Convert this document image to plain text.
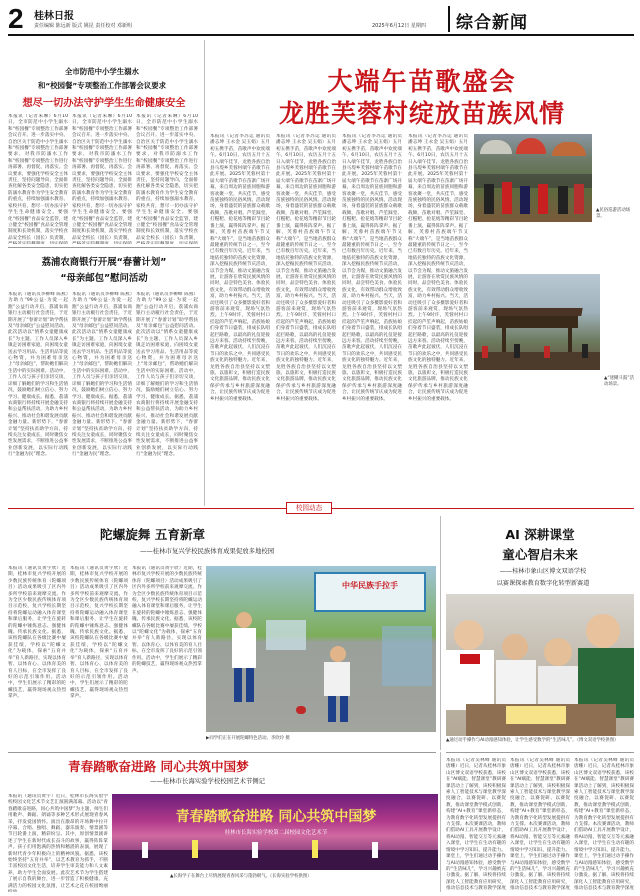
2	桂林日报
责任编辑 陈远新 版式 姚昆 责任校对 邓新明	2025年6月12日 星期四 综合新闻
全市防范中小学生溺水
和“校园餐”专项整治工作部署会议要求
想尽一切办法守护学生生命健康安全
本报讯（记者朱琳）6月10日，全市防范中小学生溺水和“校园餐”专项整治工作部署会议召开。进一步落实中央、自治区关于防范中小学生溺水和“校园餐”专项整治工作部署要求，对我市防溺水工作和“校园餐”专项整治工作进行再部署、再督促、再落实。会议要求，要强化学校安全主体责任，坚持问题导向，全面排查化解各类安全隐患，切实把防溺水教育作为学生安全教育的重点，持续加强溺水教育、家校共育，想尽一切办法守护学生生命健康安全。要强化“校园餐”食品安全监管，建立健全“校园餐”食品安全管理制度和长效机制，落实学校食品安全校长（园长）负责制，
本报讯（记者朱琳）6月10日，全市防范中小学生溺水和“校园餐”专项整治工作部署会议召开。进一步落实中央、自治区关于防范中小学生溺水和“校园餐”专项整治工作部署要求，对我市防溺水工作和“校园餐”专项整治工作进行再部署、再督促、再落实。会议要求，要强化学校安全主体责任，坚持问题导向，全面排查化解各类安全隐患，切实把防溺水教育作为学生安全教育的重点，持续加强溺水教育、家校共育，想尽一切办法守护学生生命健康安全。要强化“校园餐”食品安全监管，建立健全“校园餐”食品安全管理制度和长效机制，落实学校食品安全校长（园长）负责制，
本报讯（记者朱琳）6月10日，全市防范中小学生溺水和“校园餐”专项整治工作部署会议召开。进一步落实中央、自治区关于防范中小学生溺水和“校园餐”专项整治工作部署要求，对我市防溺水工作和“校园餐”专项整治工作进行再部署、再督促、再落实。会议要求，要强化学校安全主体责任，坚持问题导向，全面排查化解各类安全隐患，切实把防溺水教育作为学生安全教育的重点，持续加强溺水教育、家校共育，想尽一切办法守护学生生命健康安全。要强化“校园餐”食品安全监管，建立健全“校园餐”食品安全管理制度和长效机制，落实学校食品安全校长（园长）负责制，
荔浦农商银行开展“春蕾计划”
“母亲邮包”慰问活动
本报讯（通讯员李柳峰 陈燕）为助力“99公益·为爱一起跑”公益行动开启，荔浦农商银行主动履行社会责任，于近期开展了“春蕾计划”助学帮扶及“母亲邮包”公益慰问活动。此次活动以“情系女童健康成长”为主题，工作人员深入乡镇走访困难家庭，向困境女童送去学习用品、生活用品等爱心物资，并为困难母亲送上“母亲邮包”，帮助她们解决生活中的实际困难。活动中，工作人员与孩子们亲切交谈，详细了解她们的学习和生活情况，鼓励她们树立信心、努力学习、健康成长。据悉，荔浦农商银行将持续开展金融支持和公益帮扶活动，为助力乡村振兴、推动社会和谐发展贡献金融力量。新形势下，“春蕾计划”坚持扶贫助学方向，持续关注女童成长，同时聚焦女性发展需求，不断推进公益事业创新发展，以实际行动践行“金融为民”理念。
本报讯（通讯员李柳峰 陈燕）为助力“99公益·为爱一起跑”公益行动开启，荔浦农商银行主动履行社会责任，于近期开展了“春蕾计划”助学帮扶及“母亲邮包”公益慰问活动。此次活动以“情系女童健康成长”为主题，工作人员深入乡镇走访困难家庭，向困境女童送去学习用品、生活用品等爱心物资，并为困难母亲送上“母亲邮包”，帮助她们解决生活中的实际困难。活动中，工作人员与孩子们亲切交谈，详细了解她们的学习和生活情况，鼓励她们树立信心、努力学习、健康成长。据悉，荔浦农商银行将持续开展金融支持和公益帮扶活动，为助力乡村振兴、推动社会和谐发展贡献金融力量。新形势下，“春蕾计划”坚持扶贫助学方向，持续关注女童成长，同时聚焦女性发展需求，不断推进公益事业创新发展，以实际行动践行“金融为民”理念。
本报讯（通讯员李柳峰 陈燕）为助力“99公益·为爱一起跑”公益行动开启，荔浦农商银行主动履行社会责任，于近期开展了“春蕾计划”助学帮扶及“母亲邮包”公益慰问活动。此次活动以“情系女童健康成长”为主题，工作人员深入乡镇走访困难家庭，向困境女童送去学习用品、生活用品等爱心物资，并为困难母亲送上“母亲邮包”，帮助她们解决生活中的实际困难。活动中，工作人员与孩子们亲切交谈，详细了解她们的学习和生活情况，鼓励她们树立信心、努力学习、健康成长。据悉，荔浦农商银行将持续开展金融支持和公益帮扶活动，为助力乡村振兴、推动社会和谐发展贡献金融力量。新形势下，“春蕾计划”坚持扶贫助学方向，持续关注女童成长，同时聚焦女性发展需求，不断推进公益事业创新发展，以实际行动践行“金融为民”理念。
大端午苗歌盛会
龙胜芙蓉村绽放苗族风情
本报讯（记者李苏运 通讯员潘志坤 王永金 吴玉娟）五月初五携手苗，苗歌声中欢度端午。6月10日，农历五月十五日入端午佳节，龙胜各族自治县马堤乡芙蓉村端午苗歌节在此开展。2025年芙蓉村第十届大端午苗歌节在苗寨广场开幕，来自周边的苗族同胞和游客欢聚一堂，共庆佳节，感受苗族独特的民俗风情。活动现场，身着盛装的苗族群众载歌载舞，苗歌对唱、芦笙踩堂、打糍粑、抢花炮等精彩节目轮番上演，赢得阵阵掌声。据了解，芙蓉村苗族端午节又称“大端午”，是当地苗族群众最隆重的传统节日之一，至今已有数百年历史。近年来，当地依托独特的苗族文化资源，深入挖掘民族传统节庆活动，以节会为媒，推动文旅融合发展，让游客在欣赏民族风情的同时，品尝特色美食、体验民族文化，有效带动群众增收致富，助力乡村振兴。当天，活动还吸引了众多摄影爱好者和游客前来观赏，现场气氛热烈。上午9时许，芙蓉村村口挂起的芦笙声响起，苗族姑娘们身着节日盛装，排成长队唱起拦路歌，以最高的礼仪迎接远方来客。活动持续至傍晚，苗歌声此起彼伏，人们沉浸在节日的欢乐之中，共同感受民族文化的独特魅力。近年来，龙胜各族自治县坚持以文塑旅、以旅彰文，积极打造民族文化旅游品牌，推动民族文化保护传承与乡村旅游深度融合，让民族传统节庆成为促进乡村振兴的重要载体。
本报讯（记者李苏运 通讯员潘志坤 王永金 吴玉娟）五月初五携手苗，苗歌声中欢度端午。6月10日，农历五月十五日入端午佳节，龙胜各族自治县马堤乡芙蓉村端午苗歌节在此开展。2025年芙蓉村第十届大端午苗歌节在苗寨广场开幕，来自周边的苗族同胞和游客欢聚一堂，共庆佳节，感受苗族独特的民俗风情。活动现场，身着盛装的苗族群众载歌载舞，苗歌对唱、芦笙踩堂、打糍粑、抢花炮等精彩节目轮番上演，赢得阵阵掌声。据了解，芙蓉村苗族端午节又称“大端午”，是当地苗族群众最隆重的传统节日之一，至今已有数百年历史。近年来，当地依托独特的苗族文化资源，深入挖掘民族传统节庆活动，以节会为媒，推动文旅融合发展，让游客在欣赏民族风情的同时，品尝特色美食、体验民族文化，有效带动群众增收致富，助力乡村振兴。当天，活动还吸引了众多摄影爱好者和游客前来观赏，现场气氛热烈。上午9时许，芙蓉村村口挂起的芦笙声响起，苗族姑娘们身着节日盛装，排成长队唱起拦路歌，以最高的礼仪迎接远方来客。活动持续至傍晚，苗歌声此起彼伏，人们沉浸在节日的欢乐之中，共同感受民族文化的独特魅力。近年来，龙胜各族自治县坚持以文塑旅、以旅彰文，积极打造民族文化旅游品牌，推动民族文化保护传承与乡村旅游深度融合，让民族传统节庆成为促进乡村振兴的重要载体。
本报讯（记者李苏运 通讯员潘志坤 王永金 吴玉娟）五月初五携手苗，苗歌声中欢度端午。6月10日，农历五月十五日入端午佳节，龙胜各族自治县马堤乡芙蓉村端午苗歌节在此开展。2025年芙蓉村第十届大端午苗歌节在苗寨广场开幕，来自周边的苗族同胞和游客欢聚一堂，共庆佳节，感受苗族独特的民俗风情。活动现场，身着盛装的苗族群众载歌载舞，苗歌对唱、芦笙踩堂、打糍粑、抢花炮等精彩节目轮番上演，赢得阵阵掌声。据了解，芙蓉村苗族端午节又称“大端午”，是当地苗族群众最隆重的传统节日之一，至今已有数百年历史。近年来，当地依托独特的苗族文化资源，深入挖掘民族传统节庆活动，以节会为媒，推动文旅融合发展，让游客在欣赏民族风情的同时，品尝特色美食、体验民族文化，有效带动群众增收致富，助力乡村振兴。当天，活动还吸引了众多摄影爱好者和游客前来观赏，现场气氛热烈。上午9时许，芙蓉村村口挂起的芦笙声响起，苗族姑娘们身着节日盛装，排成长队唱起拦路歌，以最高的礼仪迎接远方来客。活动持续至傍晚，苗歌声此起彼伏，人们沉浸在节日的欢乐之中，共同感受民族文化的独特魅力。近年来，龙胜各族自治县坚持以文塑旅、以旅彰文，积极打造民族文化旅游品牌，推动民族文化保护传承与乡村旅游深度融合，让民族传统节庆成为促进乡村振兴的重要载体。
本报讯（记者李苏运 通讯员潘志坤 王永金 吴玉娟）五月初五携手苗，苗歌声中欢度端午。6月10日，农历五月十五日入端午佳节，龙胜各族自治县马堤乡芙蓉村端午苗歌节在此开展。2025年芙蓉村第十届大端午苗歌节在苗寨广场开幕，来自周边的苗族同胞和游客欢聚一堂，共庆佳节，感受苗族独特的民俗风情。活动现场，身着盛装的苗族群众载歌载舞，苗歌对唱、芦笙踩堂、打糍粑、抢花炮等精彩节目轮番上演，赢得阵阵掌声。据了解，芙蓉村苗族端午节又称“大端午”，是当地苗族群众最隆重的传统节日之一，至今已有数百年历史。近年来，当地依托独特的苗族文化资源，深入挖掘民族传统节庆活动，以节会为媒，推动文旅融合发展，让游客在欣赏民族风情的同时，品尝特色美食、体验民族文化，有效带动群众增收致富，助力乡村振兴。当天，活动还吸引了众多摄影爱好者和游客前来观赏，现场气氛热烈。上午9时许，芙蓉村村口挂起的芦笙声响起，苗族姑娘们身着节日盛装，排成长队唱起拦路歌，以最高的礼仪迎接远方来客。活动持续至傍晚，苗歌声此起彼伏，人们沉浸在节日的欢乐之中，共同感受民族文化的独特魅力。近年来，龙胜各族自治县坚持以文塑旅、以旅彰文，积极打造民族文化旅游品牌，推动民族文化保护传承与乡村旅游深度融合，让民族传统节庆成为促进乡村振兴的重要载体。
▲民俗巡游活动场景。
▲“迷糊斗鼓”活动场景。
校园动态
陀螺旋舞 五育新章
——桂林市复兴学校民族体育成果促放多地校园
本报讯（通讯员黄宇欣）近期，桂林市复兴学校开展的少数民族传统体育（陀螺项目）活动成果吸引了区内外多所学校前来观摩交流。作为全区少数民族传统体育项目示范校，复兴学校长期坚持将陀螺运动融入体育课堂和课后服务，让学生在旋转的陀螺中锤炼意志、强健体魄、传承民族文化。据悉，该校陀螺队在各级比赛中屡获佳绩，学校以“陀螺文化”为载体，探索“五育并举”育人新路径，实现以体育智、以体育心、以体育美的育人目标，在全市发挥了良好的示范引领作用。活动中，学生们展示了精彩的陀螺技艺，赢得现场观众热烈掌声。
本报讯（通讯员黄宇欣）近期，桂林市复兴学校开展的少数民族传统体育（陀螺项目）活动成果吸引了区内外多所学校前来观摩交流。作为全区少数民族传统体育项目示范校，复兴学校长期坚持将陀螺运动融入体育课堂和课后服务，让学生在旋转的陀螺中锤炼意志、强健体魄、传承民族文化。据悉，该校陀螺队在各级比赛中屡获佳绩，学校以“陀螺文化”为载体，探索“五育并举”育人新路径，实现以体育智、以体育心、以体育美的育人目标，在全市发挥了良好的示范引领作用。活动中，学生们展示了精彩的陀螺技艺，赢得现场观众热烈掌声。
本报讯（通讯员黄宇欣）近期，桂林市复兴学校开展的少数民族传统体育（陀螺项目）活动成果吸引了区内外多所学校前来观摩交流。作为全区少数民族传统体育项目示范校，复兴学校长期坚持将陀螺运动融入体育课堂和课后服务，让学生在旋转的陀螺中锤炼意志、强健体魄、传承民族文化。据悉，该校陀螺队在各级比赛中屡获佳绩，学校以“陀螺文化”为载体，探索“五育并举”育人新路径，实现以体育智、以体育心、以体育美的育人目标，在全市发挥了良好的示范引领作用。活动中，学生们展示了精彩的陀螺技艺，赢得现场观众热烈掌声。
中华民族手拉手
▶同学们正在开展陀螺特色活动。李欣玲 摄
AI 深耕课堂
童心智启未来
——桂林市象山区博文双语学校
以赛课探索教育数字化转型新赛道
▲通过动手操作与AI动漫感知体验，让学生感受数学的“生活味儿”。（博文双语学校供图）
本报讯（记者吴林峰 通讯员唐姗）近日，记者从桂林市象山区博文双语学校获悉，该校在“AI赋能、智慧课堂”教研赛课活动上了解到，该校积极探索人工智能技术与课堂教学深度融合，以赛促研、以赛促教，推动课堂教学模式创新，构建“AI+教育”课堂新样态，为教育数字化转型发展提供有力支撑。本次赛课活动，教师们借助AI工具开展教学设计，将AI动漫、智能交互等元素融入课堂，让学生在生动有趣的情境中学习知识、提升能力。课堂上，学生们通过动手操作与AI动漫感知体验，感受数学的“生活味儿”，学习兴趣被充分激发。据了解，该校将持续深化人工智能教育应用研究，推动信息技术与教育教学深度
本报讯（记者吴林峰 通讯员唐姗）近日，记者从桂林市象山区博文双语学校获悉，该校在“AI赋能、智慧课堂”教研赛课活动上了解到，该校积极探索人工智能技术与课堂教学深度融合，以赛促研、以赛促教，推动课堂教学模式创新，构建“AI+教育”课堂新样态，为教育数字化转型发展提供有力支撑。本次赛课活动，教师们借助AI工具开展教学设计，将AI动漫、智能交互等元素融入课堂，让学生在生动有趣的情境中学习知识、提升能力。课堂上，学生们通过动手操作与AI动漫感知体验，感受数学的“生活味儿”，学习兴趣被充分激发。据了解，该校将持续深化人工智能教育应用研究，推动信息技术与教育教学深度
本报讯（记者吴林峰 通讯员唐姗）近日，记者从桂林市象山区博文双语学校获悉，该校在“AI赋能、智慧课堂”教研赛课活动上了解到，该校积极探索人工智能技术与课堂教学深度融合，以赛促研、以赛促教，推动课堂教学模式创新，构建“AI+教育”课堂新样态，为教育数字化转型发展提供有力支撑。本次赛课活动，教师们借助AI工具开展教学设计，将AI动漫、智能交互等元素融入课堂，让学生在生动有趣的情境中学习知识、提升能力。课堂上，学生们通过动手操作与AI动漫感知体验，感受数学的“生活味儿”，学习兴趣被充分激发。据了解，该校将持续深化人工智能教育应用研究，推动信息技术与教育教学深度
青春踏歌奋进路 同心共筑中国梦
——桂林市长海实验学校校园艺术节侧记
本报讯（通讯员黄宇）近日，桂林市长海实验学校校园文化艺术节文艺汇演圆满落幕。活动以“青春踏歌奋进路，同心共筑中国梦”为主题，师生们用歌声、舞蹈、朗诵等多种艺术形式展现青春风采，抒发爱国情怀。演出在激昂的开场舞中拉开序幕，合唱、独唱、舞蹈、器乐演奏、情景剧等节目轮番上演，精彩纷呈。其中，原创情景剧讲述了学生在新时代成长奋斗的故事，赢得阵阵掌声。孩子们用饱满的热情和精湛的表演，展现了新时代青少年积极向上的精神风貌。据悉，该校始终坚持“五育并举”，以艺术教育为抓手，不断丰富校园文化生活，培养学生审美能力和人文素养，助力学生全面发展。此次艺术节为学生搭建了展示自我的舞台，进一步营造了积极健康、充满活力的校园文化氛围，让艺术之花在校园绚丽
青春踏歌奋进路 同心共筑中国梦
桂林市长海实验学校第二届校园文化艺术节
▲长海学子在舞台上尽情展现青春风采与蓬勃朝气。（长海实验学校供图）
